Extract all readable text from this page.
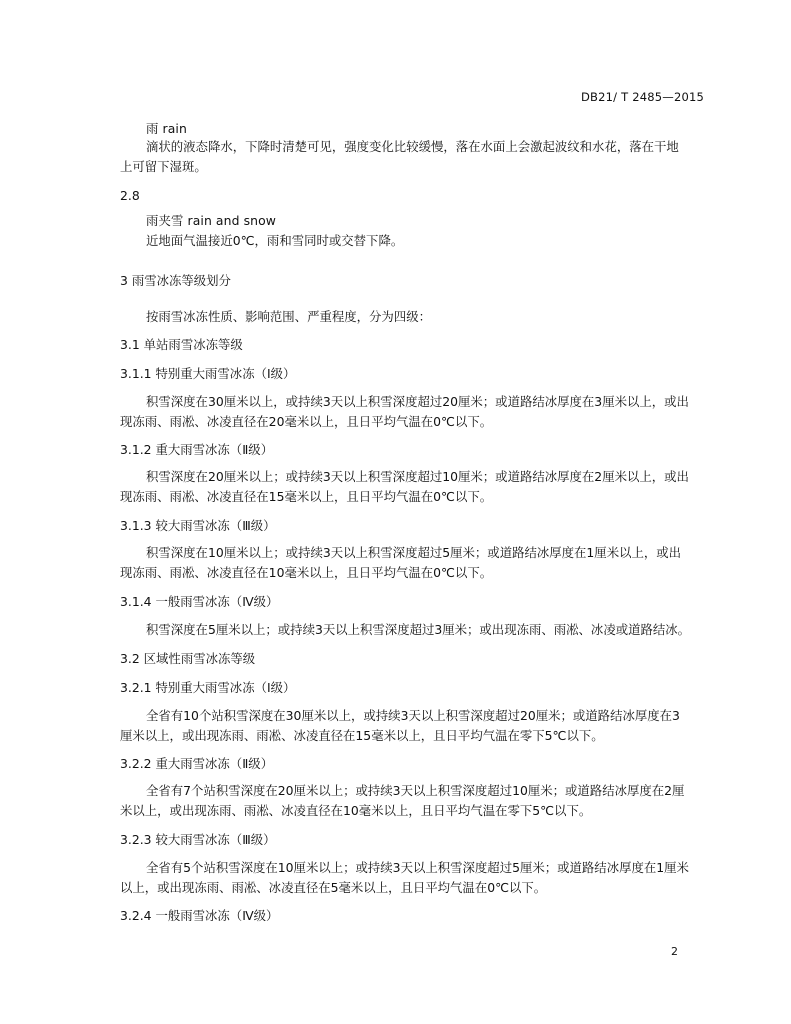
DB21/ T 2485—2015
雨 rain
滴状的液态降水，下降时清楚可见，强度变化比较缓慢，落在水面上会激起波纹和水花，落在干地
上可留下湿斑。
2.8
雨夹雪 rain and snow
近地面气温接近0℃，雨和雪同时或交替下降。
3 雨雪冰冻等级划分
按雨雪冰冻性质、影响范围、严重程度，分为四级：
3.1 单站雨雪冰冻等级
3.1.1 特别重大雨雪冰冻（Ⅰ级）
积雪深度在30厘米以上，或持续3天以上积雪深度超过20厘米；或道路结冰厚度在3厘米以上，或出
现冻雨、雨凇、冰凌直径在20毫米以上，且日平均气温在0℃以下。
3.1.2 重大雨雪冰冻（Ⅱ级）
积雪深度在20厘米以上；或持续3天以上积雪深度超过10厘米；或道路结冰厚度在2厘米以上，或出
现冻雨、雨凇、冰凌直径在15毫米以上，且日平均气温在0℃以下。
3.1.3 较大雨雪冰冻（Ⅲ级）
积雪深度在10厘米以上；或持续3天以上积雪深度超过5厘米；或道路结冰厚度在1厘米以上，或出
现冻雨、雨凇、冰凌直径在10毫米以上，且日平均气温在0℃以下。
3.1.4 一般雨雪冰冻（Ⅳ级）
积雪深度在5厘米以上；或持续3天以上积雪深度超过3厘米；或出现冻雨、雨凇、冰凌或道路结冰。
3.2 区域性雨雪冰冻等级
3.2.1 特别重大雨雪冰冻（Ⅰ级）
全省有10个站积雪深度在30厘米以上，或持续3天以上积雪深度超过20厘米；或道路结冰厚度在3
厘米以上，或出现冻雨、雨凇、冰凌直径在15毫米以上，且日平均气温在零下5℃以下。
3.2.2 重大雨雪冰冻（Ⅱ级）
全省有7个站积雪深度在20厘米以上；或持续3天以上积雪深度超过10厘米；或道路结冰厚度在2厘
米以上，或出现冻雨、雨凇、冰凌直径在10毫米以上，且日平均气温在零下5℃以下。
3.2.3 较大雨雪冰冻（Ⅲ级）
全省有5个站积雪深度在10厘米以上；或持续3天以上积雪深度超过5厘米；或道路结冰厚度在1厘米
以上，或出现冻雨、雨凇、冰凌直径在5毫米以上，且日平均气温在0℃以下。
3.2.4 一般雨雪冰冻（Ⅳ级）
2
